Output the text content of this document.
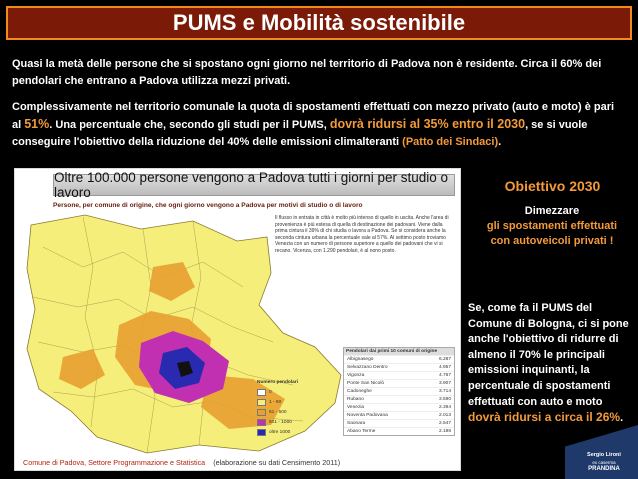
PUMS e Mobilità sostenibile

Quasi la metà delle persone che si spostano ogni giorno nel territorio di Padova non è residente. Circa il 60% dei pendolari che entrano a Padova utilizza mezzi privati.

Complessivamente nel territorio comunale la quota di spostamenti effettuati con mezzo privato (auto e moto) è pari al 51%. Una percentuale che, secondo gli studi per il PUMS, dovrà ridursi al 35% entro il 2030, se si vuole conseguire l'obiettivo della riduzione del 40% delle emissioni climalteranti (Patto dei Sindaci).

Oltre 100.000 persone vengono a Padova tutti i giorni per studio o lavoro
Persone, per comune di origine, che ogni giorno vengono a Padova per motivi di studio o di lavoro
Il flusso in entrata in città è molto più intenso di quello in uscita. Anche l'area di provenienza è più estesa di quella di destinazione dei padovani. Viene dalla prima cintura il 39% di chi studia o lavora a Padova. Se si considera anche la seconda cintura urbana la percentuale sale al 57%. Al settimo posto troviamo Venezia con un numero di persone superiore a quello dei padovani che vi si recano. Vicenza, con 1.290 pendolari, è al nono posto.
Numero pendolari
0
1 - 60
61 - 500
501 - 1000
oltre 1000
Pendolari dai primi 10 comuni di origine
Albignasego	6.287
Selvazzano Dentro	4.957
Vigonza	4.767
Ponte San Nicolò	3.907
Cadoneghe	3.714
Rubano	3.590
Venezia	2.394
Noventa Padovana	2.013
Saonara	2.547
Abano Terme	2.198
Comune di Padova, Settore Programmazione e Statistica (elaborazione su dati Censimento 2011)
Obiettivo 2030
Dimezzare
gli spostamenti effettuati
con autoveicoli privati !

Se, come fa il PUMS del Comune di Bologna, ci si pone anche l'obiettivo di ridurre di almeno il 70% le principali emissioni inquinanti, la percentuale di spostamenti effettuati con auto e moto dovrà ridursi a circa il 26%.

Sergio Lironi
ex caserma
PRANDINA
